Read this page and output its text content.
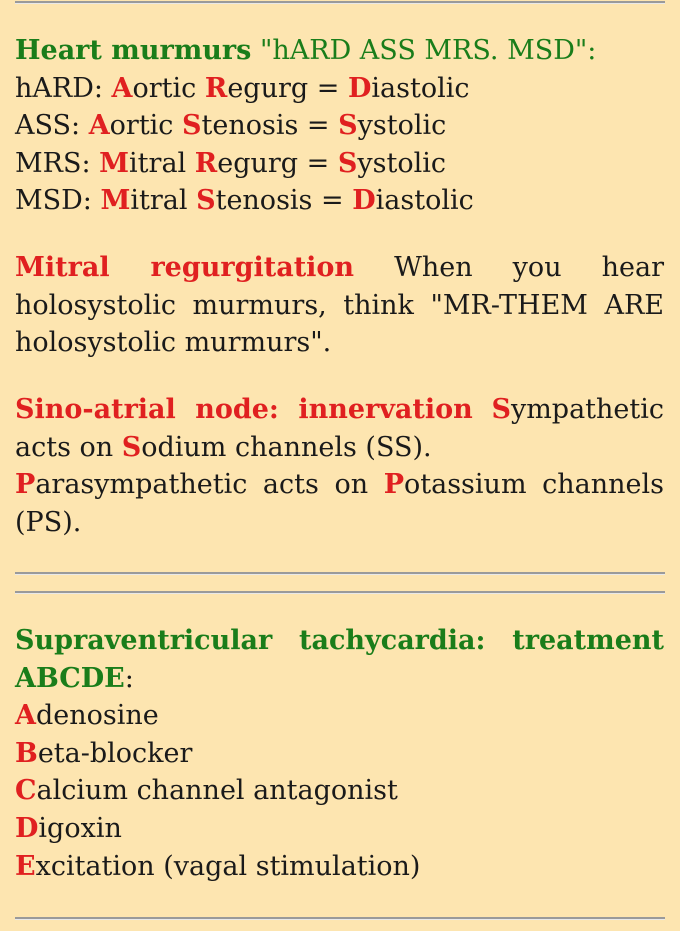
Heart murmurs "hARD ASS MRS. MSD":
hARD: Aortic Regurg = Diastolic
ASS: Aortic Stenosis = Systolic
MRS: Mitral Regurg = Systolic
MSD: Mitral Stenosis = Diastolic
Mitral regurgitation When you hear holosystolic murmurs, think "MR-THEM ARE holosystolic murmurs".
Sino-atrial node: innervation Sympathetic acts on Sodium channels (SS).
Parasympathetic acts on Potassium channels (PS).
Supraventricular tachycardia: treatment ABCDE:
Adenosine
Beta-blocker
Calcium channel antagonist
Digoxin
Excitation (vagal stimulation)
